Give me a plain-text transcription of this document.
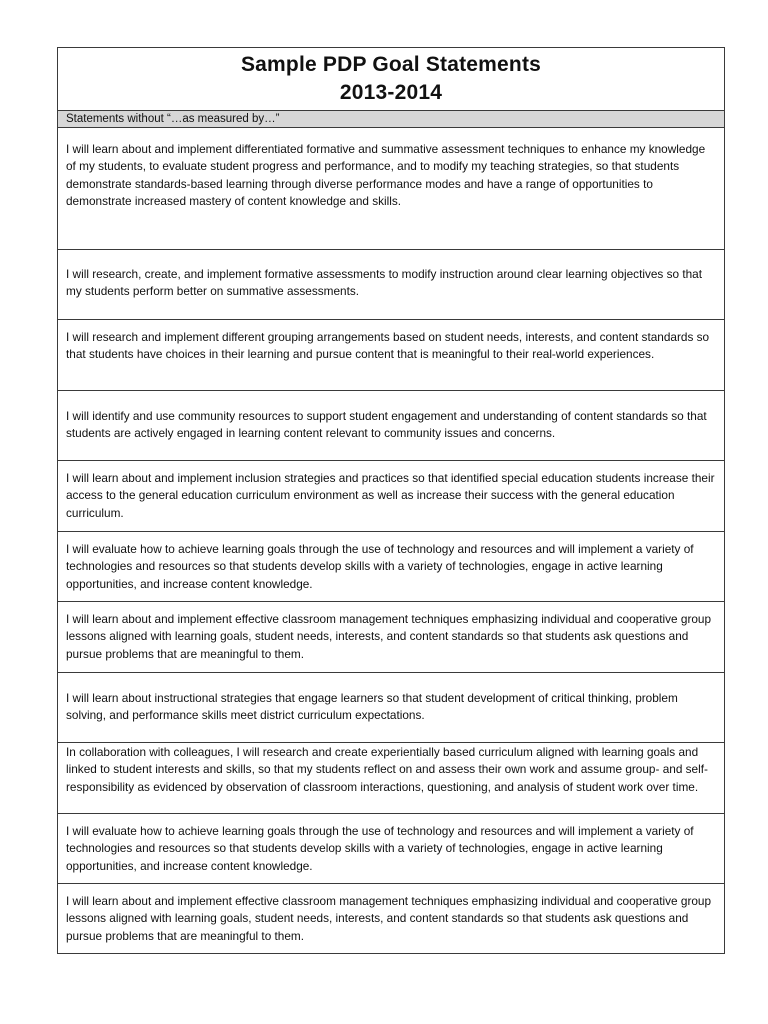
Sample PDP Goal Statements
2013-2014
Statements without “…as measured by…”
I will learn about and implement differentiated formative and summative assessment techniques to enhance my knowledge of my students, to evaluate student progress and performance, and to modify my teaching strategies, so that students demonstrate standards-based learning through diverse performance modes and have a range of opportunities to demonstrate increased mastery of content knowledge and skills.
I will research, create, and implement formative assessments to modify instruction around clear learning objectives so that my students perform better on summative assessments.
I will research and implement different grouping arrangements based on student needs, interests, and content standards so that students have choices in their learning and pursue content that is meaningful to their real-world experiences.
I will identify and use community resources to support student engagement and understanding of content standards so that students are actively engaged in learning content relevant to community issues and concerns.
I will learn about and implement inclusion strategies and practices so that identified special education students increase their access to the general education curriculum environment as well as increase their success with the general education curriculum.
I will evaluate how to achieve learning goals through the use of technology and resources and will implement a variety of technologies and resources so that students develop skills with a variety of technologies, engage in active learning opportunities, and increase content knowledge.
I will learn about and implement effective classroom management techniques emphasizing individual and cooperative group lessons aligned with learning goals, student needs, interests, and content standards so that students ask questions and pursue problems that are meaningful to them.
I will learn about instructional strategies that engage learners so that student development of critical thinking, problem solving, and performance skills meet district curriculum expectations.
In collaboration with colleagues, I will research and create experientially based curriculum aligned with learning goals and linked to student interests and skills, so that my students reflect on and assess their own work and assume group- and self-responsibility as evidenced by observation of classroom interactions, questioning, and analysis of student work over time.
I will evaluate how to achieve learning goals through the use of technology and resources and will implement a variety of technologies and resources so that students develop skills with a variety of technologies, engage in active learning opportunities, and increase content knowledge.
I will learn about and implement effective classroom management techniques emphasizing individual and cooperative group lessons aligned with learning goals, student needs, interests, and content standards so that students ask questions and pursue problems that are meaningful to them.
